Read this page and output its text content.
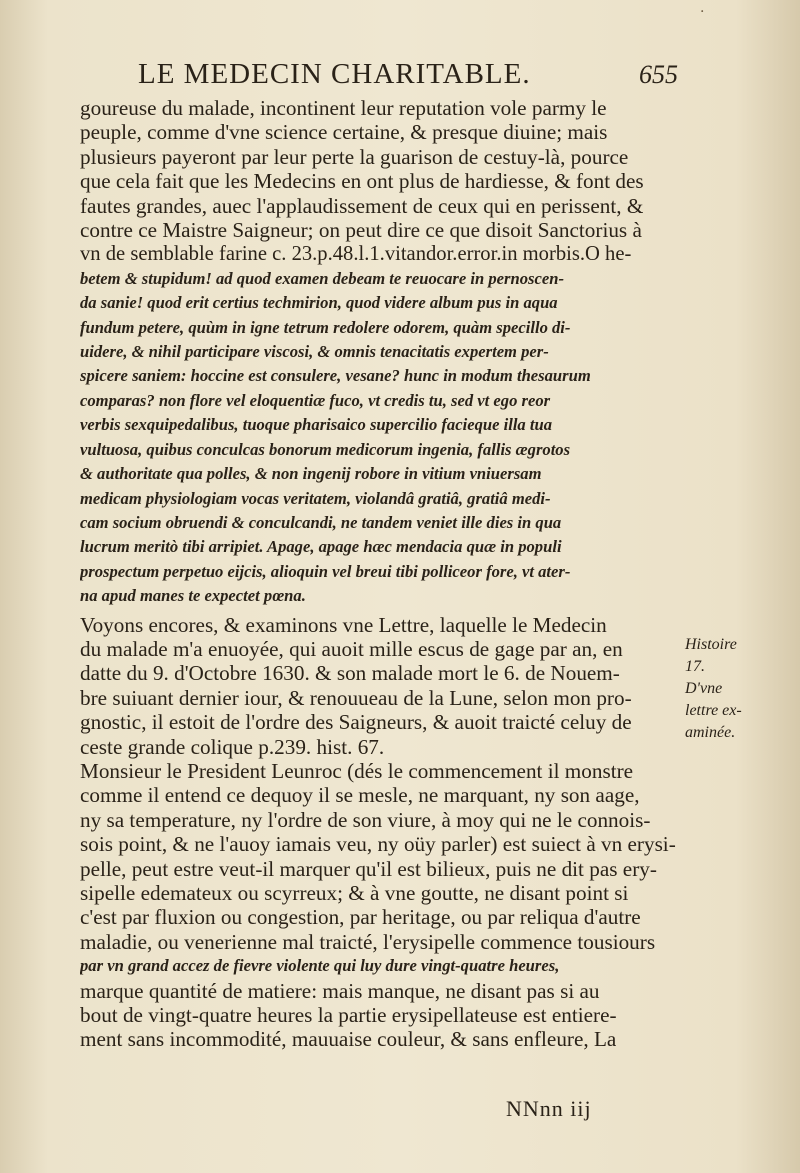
·
LE MEDECIN CHARITABLE.	655
goureuse du malade, incontinent leur reputation vole parmy le
peuple, comme d'vne science certaine, & presque diuine; mais
plusieurs payeront par leur perte la guarison de cestuy-là, pource
que cela fait que les Medecins en ont plus de hardiesse, & font des
fautes grandes, auec l'applaudissement de ceux qui en perissent, &
contre ce Maistre Saigneur; on peut dire ce que disoit Sanctorius à
vn de semblable farine c. 23.p.48.l.1.vitandor.error.in morbis.O he-
betem & stupidum! ad quod examen debeam te reuocare in pernoscen-
da sanie! quod erit certius techmirion, quod videre album pus in aqua
fundum petere, quùm in igne tetrum redolere odorem, quàm specillo di-
uidere, & nihil participare viscosi, & omnis tenacitatis expertem per-
spicere saniem: hoccine est consulere, vesane? hunc in modum thesaurum
comparas? non flore vel eloquentiæ fuco, vt credis tu, sed vt ego reor
verbis sexquipedalibus, tuoque pharisaico supercilio facieque illa tua
vultuosa, quibus conculcas bonorum medicorum ingenia, fallis ægrotos
& authoritate qua polles, & non ingenij robore in vitium vniuersam
medicam physiologiam vocas veritatem, violandâ gratiâ, gratiâ medi-
cam socium obruendi & conculcandi, ne tandem veniet ille dies in qua
lucrum meritò tibi arripiet. Apage, apage hæc mendacia quæ in populi
prospectum perpetuo eijcis, alioquin vel breui tibi polliceor fore, vt ater-
na apud manes te expectet pœna.
Voyons encores, & examinons vne Lettre, laquelle le Medecin
du malade m'a enuoyée, qui auoit mille escus de gage par an, en
datte du 9. d'Octobre 1630. & son malade mort le 6. de Nouem-
bre suiuant dernier iour, & renouueau de la Lune, selon mon pro-
gnostic, il estoit de l'ordre des Saigneurs, & auoit traicté celuy de
ceste grande colique p.239. hist. 67.
Monsieur le President Leunroc (dés le commencement il monstre
comme il entend ce dequoy il se mesle, ne marquant, ny son aage,
ny sa temperature, ny l'ordre de son viure, à moy qui ne le connois-
sois point, & ne l'auoy iamais veu, ny oüy parler) est suiect à vn erysi-
pelle, peut estre veut-il marquer qu'il est bilieux, puis ne dit pas ery-
sipelle edemateux ou scyrreux; & à vne goutte, ne disant point si
c'est par fluxion ou congestion, par heritage, ou par reliqua d'autre
maladie, ou venerienne mal traicté, l'erysipelle commence tousiours
par vn grand accez de fievre violente qui luy dure vingt-quatre heures,
marque quantité de matiere: mais manque, ne disant pas si au
bout de vingt-quatre heures la partie erysipellateuse est entiere-
ment sans incommodité, mauuaise couleur, & sans enfleure, La
Histoire
17.
D'vne
lettre ex-
aminée.
NNnn iij
